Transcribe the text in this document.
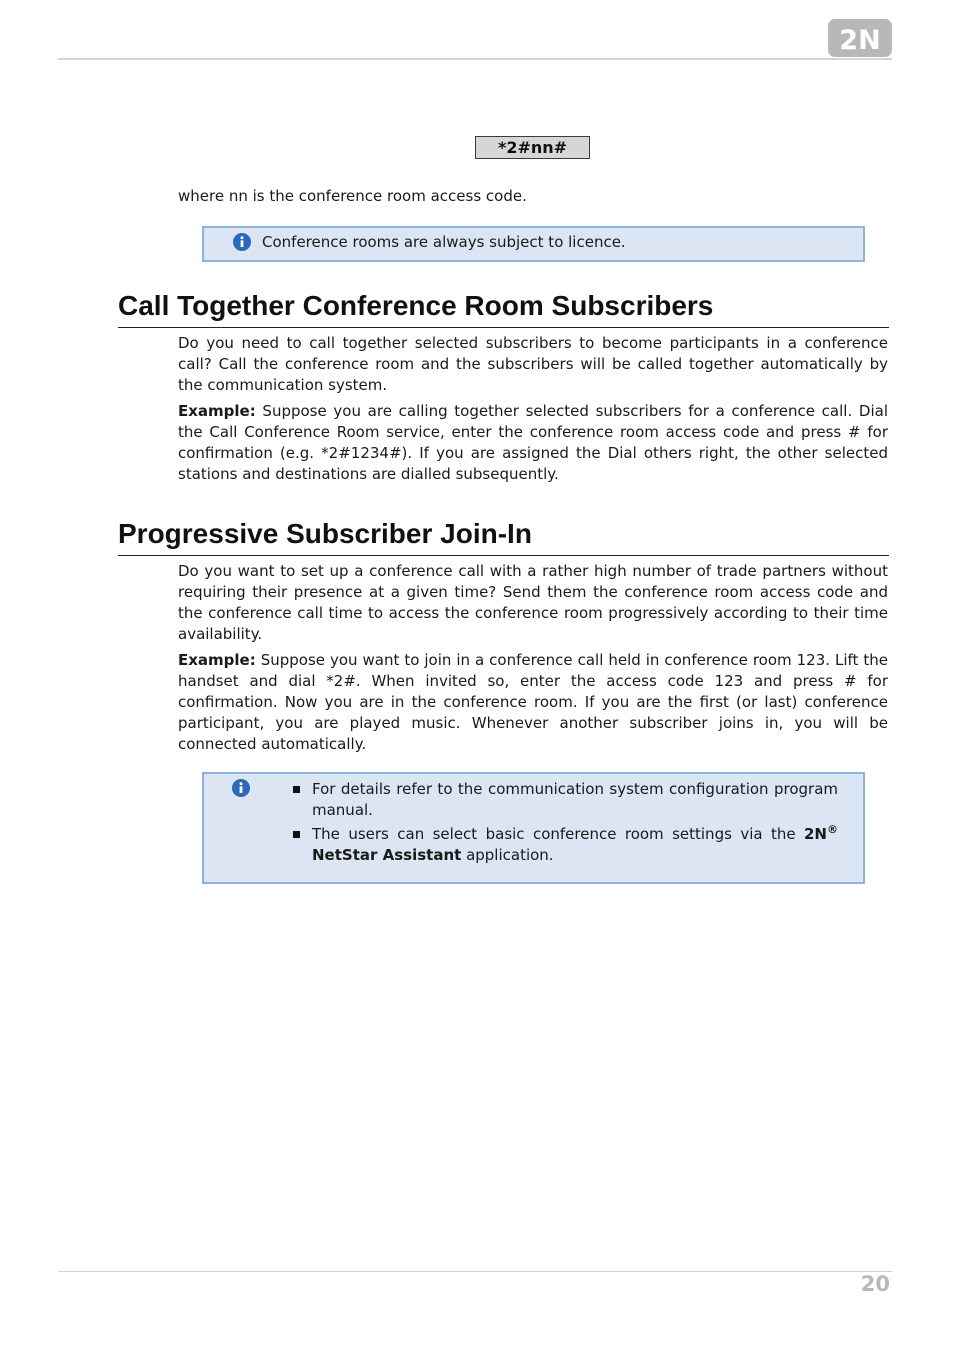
2N
*2#nn#
where nn is the conference room access code.
Conference rooms are always subject to licence.
Call Together Conference Room Subscribers
Do you need to call together selected subscribers to become participants in a conference call? Call the conference room and the subscribers will be called together automatically by the communication system.
Example: Suppose you are calling together selected subscribers for a conference call. Dial the Call Conference Room service, enter the conference room access code and press # for confirmation (e.g. *2#1234#). If you are assigned the Dial others right, the other selected stations and destinations are dialled subsequently.
Progressive Subscriber Join-In
Do you want to set up a conference call with a rather high number of trade partners without requiring their presence at a given time? Send them the conference room access code and the conference call time to access the conference room progressively according to their time availability.
Example: Suppose you want to join in a conference call held in conference room 123. Lift the handset and dial *2#. When invited so, enter the access code 123 and press # for confirmation. Now you are in the conference room. If you are the first (or last) conference participant, you are played music. Whenever another subscriber joins in, you will be connected automatically.
For details refer to the communication system configuration program manual.
The users can select basic conference room settings via the 2N® NetStar Assistant application.
20
